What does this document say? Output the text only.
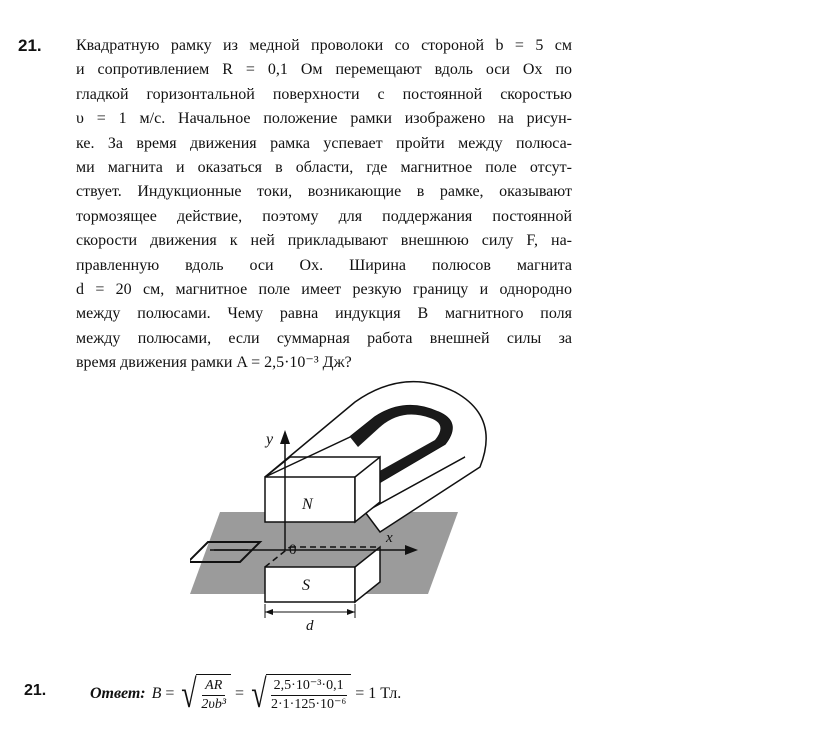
21. Квадратную рамку из медной проволоки со стороной b = 5 см
и сопротивлением R = 0,1 Ом перемещают вдоль оси Ox по
гладкой горизонтальной поверхности с постоянной скоростью
υ = 1 м/с. Начальное положение рамки изображено на рисун-
ке. За время движения рамка успевает пройти между полюса-
ми магнита и оказаться в области, где магнитное поле отсут-
ствует. Индукционные токи, возникающие в рамке, оказывают
тормозящее действие, поэтому для поддержания постоянной
скорости движения к ней прикладывают внешнюю силу F, на-
правленную вдоль оси Ox. Ширина полюсов магнита
d = 20 см, магнитное поле имеет резкую границу и однородно
между полюсами. Чему равна индукция B магнитного поля
между полюсами, если суммарная работа внешней силы за
время движения рамки A = 2,5·10⁻³ Дж?
y
x
0
N
S
d
21.	Ответ: B = √ $\frac{AR}{\text{2υb³}}$ = √ $\frac{\text{2,5·10⁻³·0,1}}{\text{2·1·125·10⁻⁶}} = 1$ Тл.
